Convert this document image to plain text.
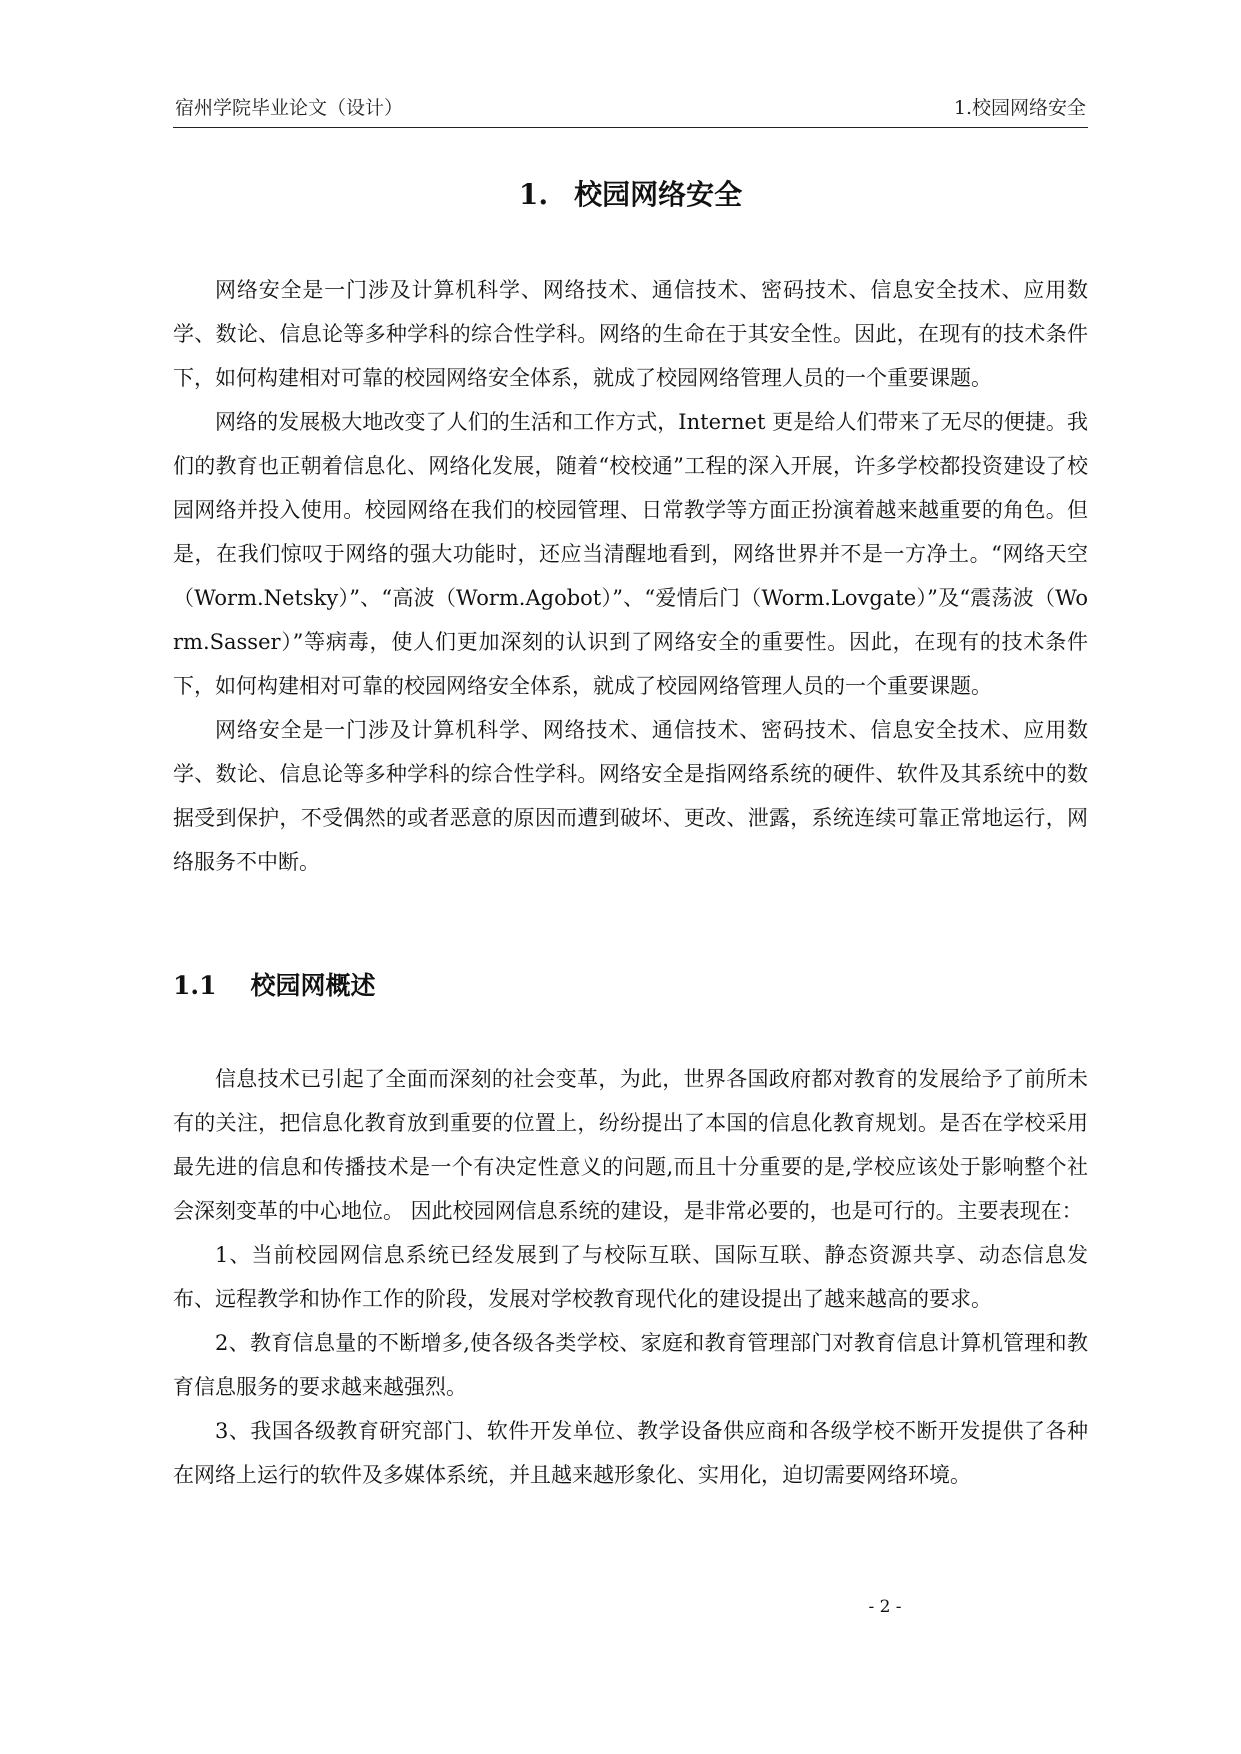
宿州学院毕业论文（设计）	1.校园网络安全
1. 校园网络安全

网络安全是一门涉及计算机科学、网络技术、通信技术、密码技术、信息安全技术、应用数学、数论、信息论等多种学科的综合性学科。网络的生命在于其安全性。因此，在现有的技术条件下，如何构建相对可靠的校园网络安全体系，就成了校园网络管理人员的一个重要课题。

网络的发展极大地改变了人们的生活和工作方式，Internet 更是给人们带来了无尽的便捷。我们的教育也正朝着信息化、网络化发展，随着“校校通”工程的深入开展，许多学校都投资建设了校园网络并投入使用。校园网络在我们的校园管理、日常教学等方面正扮演着越来越重要的角色。但是，在我们惊叹于网络的强大功能时，还应当清醒地看到，网络世界并不是一方净土。“网络天空（Worm.Netsky）”、“高波（Worm.Agobot）”、“爱情后门（Worm.Lovgate）”及“震荡波（Worm.Sasser）”等病毒，使人们更加深刻的认识到了网络安全的重要性。因此，在现有的技术条件下，如何构建相对可靠的校园网络安全体系，就成了校园网络管理人员的一个重要课题。

网络安全是一门涉及计算机科学、网络技术、通信技术、密码技术、信息安全技术、应用数学、数论、信息论等多种学科的综合性学科。网络安全是指网络系统的硬件、软件及其系统中的数据受到保护，不受偶然的或者恶意的原因而遭到破坏、更改、泄露，系统连续可靠正常地运行，网络服务不中断。

1.1 校园网概述

信息技术已引起了全面而深刻的社会变革，为此，世界各国政府都对教育的发展给予了前所未有的关注，把信息化教育放到重要的位置上，纷纷提出了本国的信息化教育规划。是否在学校采用最先进的信息和传播技术是一个有决定性意义的问题,而且十分重要的是,学校应该处于影响整个社会深刻变革的中心地位。 因此校园网信息系统的建设，是非常必要的，也是可行的。主要表现在：

1、当前校园网信息系统已经发展到了与校际互联、国际互联、静态资源共享、动态信息发布、远程教学和协作工作的阶段，发展对学校教育现代化的建设提出了越来越高的要求。

2、教育信息量的不断增多,使各级各类学校、家庭和教育管理部门对教育信息计算机管理和教育信息服务的要求越来越强烈。

3、我国各级教育研究部门、软件开发单位、教学设备供应商和各级学校不断开发提供了各种在网络上运行的软件及多媒体系统，并且越来越形象化、实用化，迫切需要网络环境。

- 2 -
